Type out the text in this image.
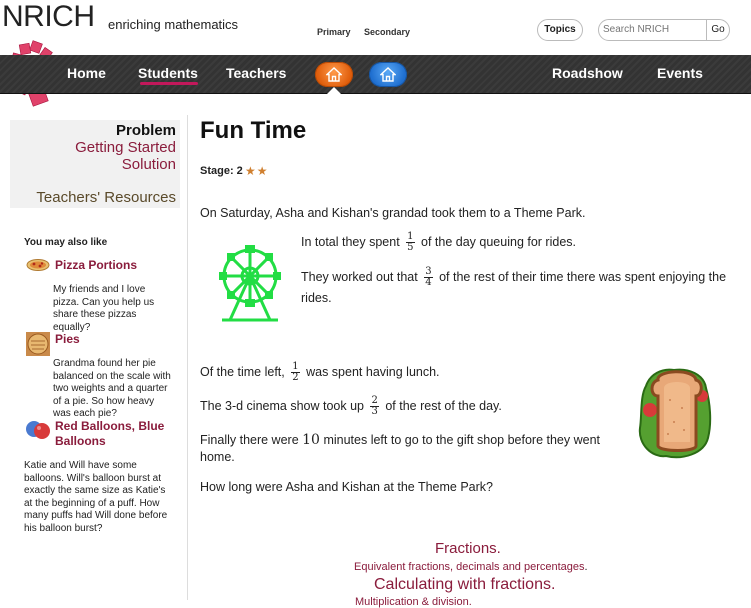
NRICH enriching mathematics	Topics
Search NRICH	Go
Primary Secondary
Home Students Teachers	Roadshow Events
Problem
Getting Started
Solution
Teachers' Resources
You may also like
Pizza Portions
My friends and I love pizza. Can you help us share these pizzas equally?
Pies
Grandma found her pie balanced on the scale with two weights and a quarter of a pie. So how heavy was each pie?
Red Balloons, Blue Balloons
Katie and Will have some balloons. Will's balloon burst at exactly the same size as Katie's at the beginning of a puff. How many puffs had Will done before his balloon burst?
Fun Time
Stage: 2 ★★
On Saturday, Asha and Kishan's grandad took them to a Theme Park.
In total they spent $\frac{1}{5}$ of the day queuing for rides.
They worked out that $\frac{3}{4}$ of the rest of their time there was spent enjoying the rides.
Of the time left, $\frac{1}{2}$ was spent having lunch.
The 3-d cinema show took up $\frac{2}{3}$ of the rest of the day.
Finally there were 10 minutes left to go to the gift shop before they went home.
How long were Asha and Kishan at the Theme Park?
Fractions.
Equivalent fractions, decimals and percentages.
Calculating with fractions.
Multiplication & division.
